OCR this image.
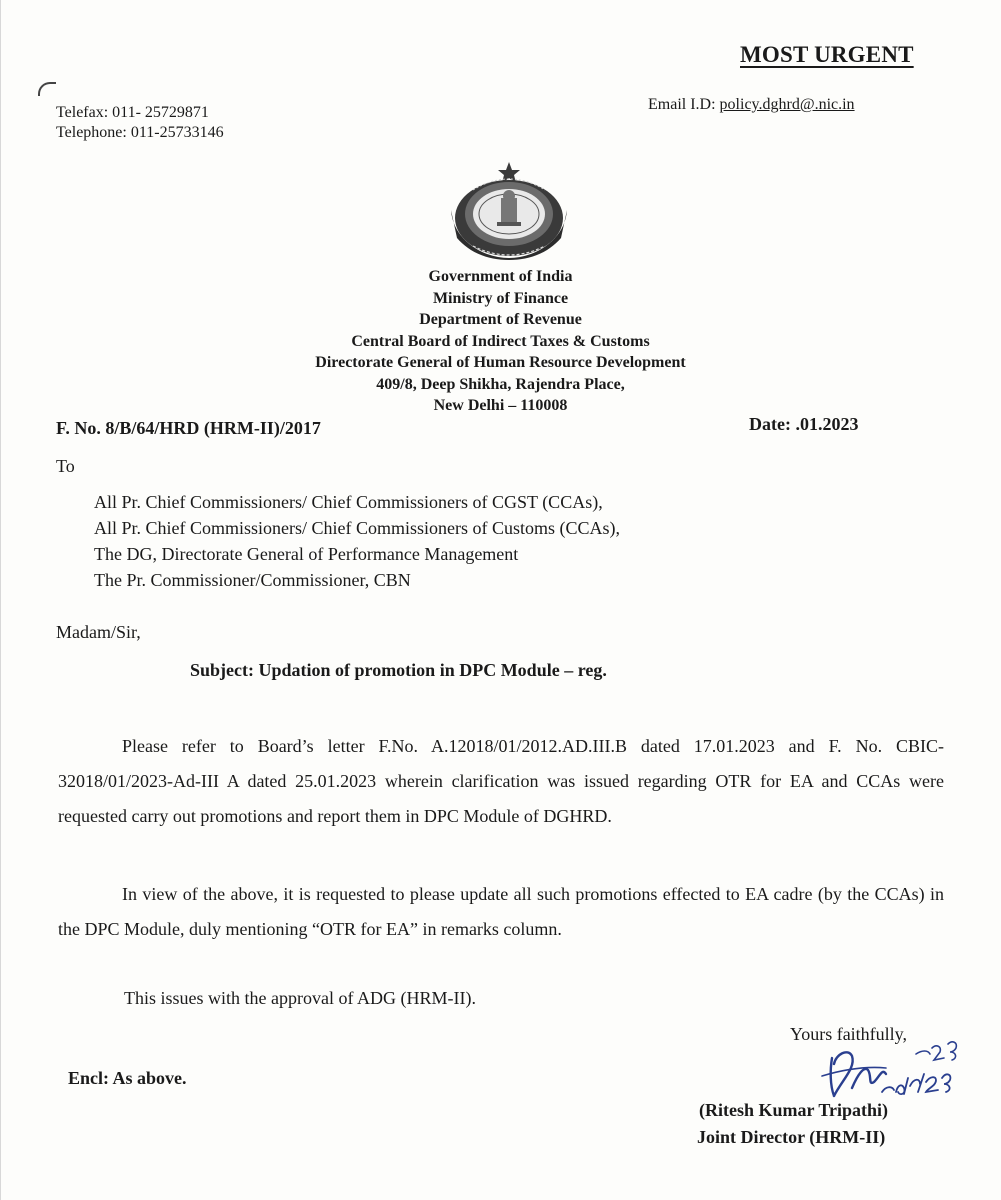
MOST URGENT
Telefax: 011- 25729871
Telephone: 011-25733146
Email I.D: policy.dghrd@.nic.in
Government of India
Ministry of Finance
Department of Revenue
Central Board of Indirect Taxes & Customs
Directorate General of Human Resource Development
409/8, Deep Shikha, Rajendra Place,
New Delhi – 110008
F. No. 8/B/64/HRD (HRM-II)/2017	Date: .01.2023
To
All Pr. Chief Commissioners/ Chief Commissioners of CGST (CCAs),
All Pr. Chief Commissioners/ Chief Commissioners of Customs (CCAs),
The DG, Directorate General of Performance Management
The Pr. Commissioner/Commissioner, CBN
Madam/Sir,
Subject: Updation of promotion in DPC Module – reg.
Please refer to Board’s letter F.No. A.12018/01/2012.AD.III.B dated 17.01.2023 and F. No. CBIC-32018/01/2023-Ad-III A dated 25.01.2023 wherein clarification was issued regarding OTR for EA and CCAs were requested carry out promotions and report them in DPC Module of DGHRD.
In view of the above, it is requested to please update all such promotions effected to EA cadre (by the CCAs) in the DPC Module, duly mentioning “OTR for EA” in remarks column.
This issues with the approval of ADG (HRM-II).
Yours faithfully,
Encl: As above.
(Ritesh Kumar Tripathi)
Joint Director (HRM-II)
